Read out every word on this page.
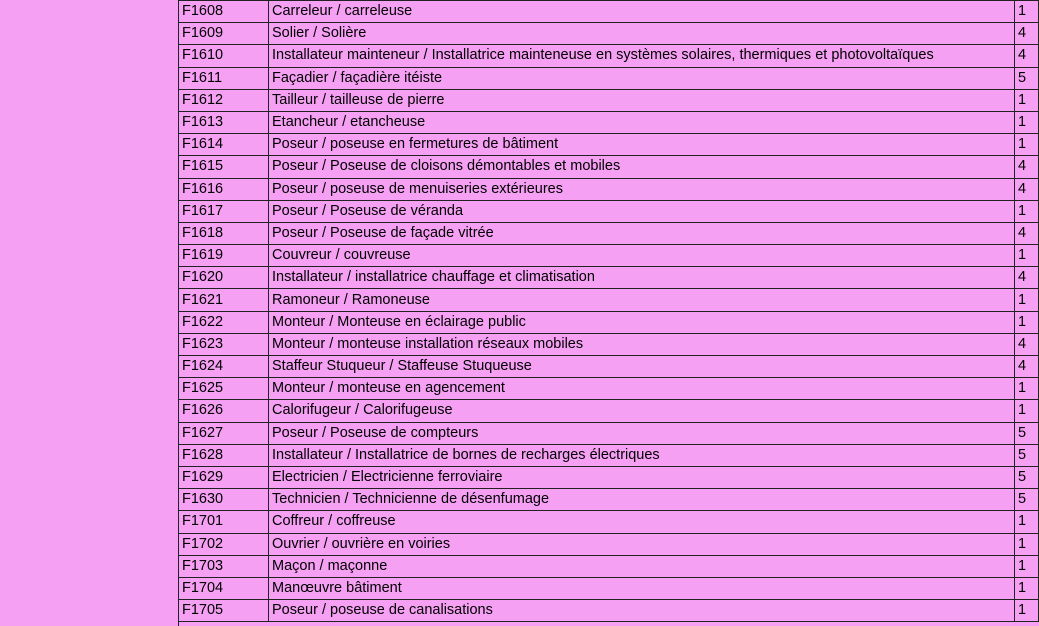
F1608	Carreleur / carreleuse	1
F1609	Solier / Solière	4
F1610	Installateur mainteneur / Installatrice mainteneuse en systèmes solaires, thermiques et photovoltaïques	4
F1611	Façadier / façadière itéiste	5
F1612	Tailleur / tailleuse de pierre	1
F1613	Etancheur / etancheuse	1
F1614	Poseur / poseuse en fermetures de bâtiment	1
F1615	Poseur / Poseuse de cloisons démontables et mobiles	4
F1616	Poseur / poseuse de menuiseries extérieures	4
F1617	Poseur / Poseuse de véranda	1
F1618	Poseur / Poseuse de façade vitrée	4
F1619	Couvreur / couvreuse	1
F1620	Installateur / installatrice chauffage et climatisation	4
F1621	Ramoneur / Ramoneuse	1
F1622	Monteur / Monteuse en éclairage public	1
F1623	Monteur / monteuse installation réseaux mobiles	4
F1624	Staffeur Stuqueur / Staffeuse Stuqueuse	4
F1625	Monteur / monteuse en agencement	1
F1626	Calorifugeur / Calorifugeuse	1
F1627	Poseur / Poseuse de compteurs	5
F1628	Installateur / Installatrice de bornes de recharges électriques	5
F1629	Electricien / Electricienne ferroviaire	5
F1630	Technicien / Technicienne de désenfumage	5
F1701	Coffreur / coffreuse	1
F1702	Ouvrier / ouvrière en voiries	1
F1703	Maçon / maçonne	1
F1704	Manœuvre bâtiment	1
F1705	Poseur / poseuse de canalisations	1
